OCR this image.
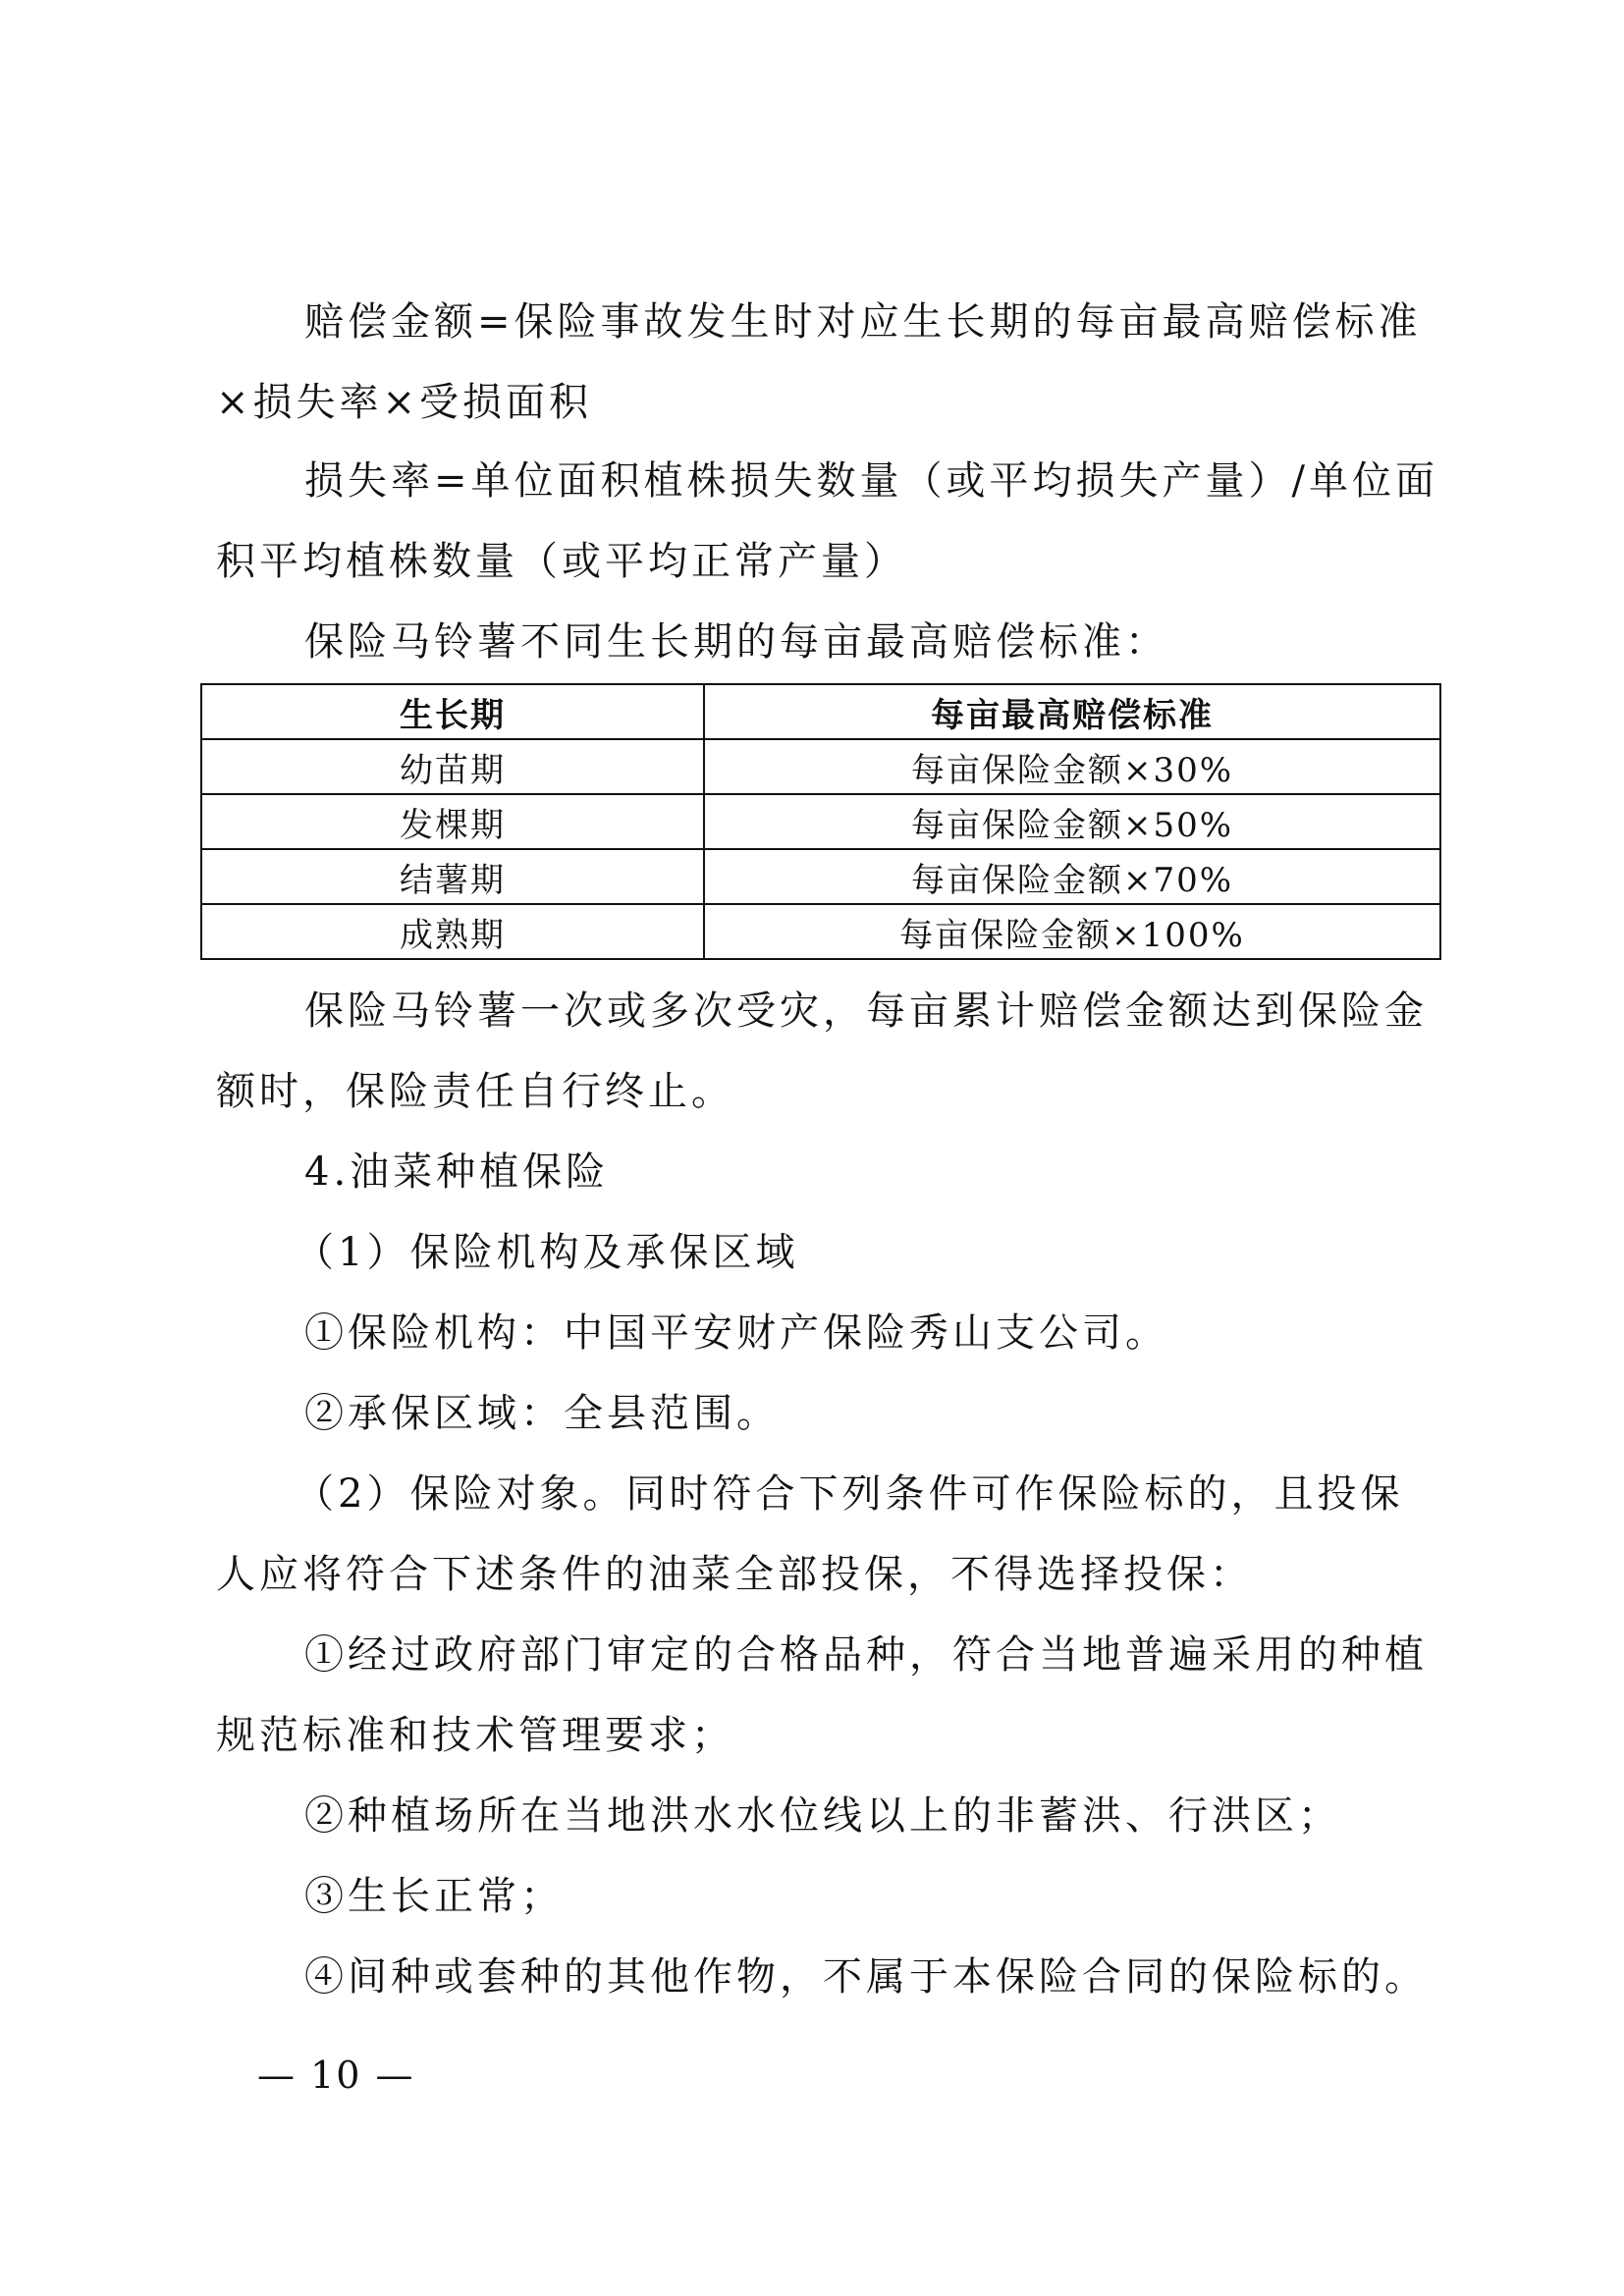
赔偿金额=保险事故发生时对应生长期的每亩最高赔偿标准
×损失率×受损面积
损失率=单位面积植株损失数量（或平均损失产量）/单位面
积平均植株数量（或平均正常产量）
保险马铃薯不同生长期的每亩最高赔偿标准：
生长期	每亩最高赔偿标准
幼苗期	每亩保险金额×30%
发棵期	每亩保险金额×50%
结薯期	每亩保险金额×70%
成熟期	每亩保险金额×100%
保险马铃薯一次或多次受灾，每亩累计赔偿金额达到保险金
额时，保险责任自行终止。
4.油菜种植保险
（1）保险机构及承保区域
①保险机构：中国平安财产保险秀山支公司。
②承保区域：全县范围。
（2）保险对象。同时符合下列条件可作保险标的，且投保
人应将符合下述条件的油菜全部投保，不得选择投保：
①经过政府部门审定的合格品种，符合当地普遍采用的种植
规范标准和技术管理要求；
②种植场所在当地洪水水位线以上的非蓄洪、行洪区；
③生长正常；
④间种或套种的其他作物，不属于本保险合同的保险标的。
— 10 —
